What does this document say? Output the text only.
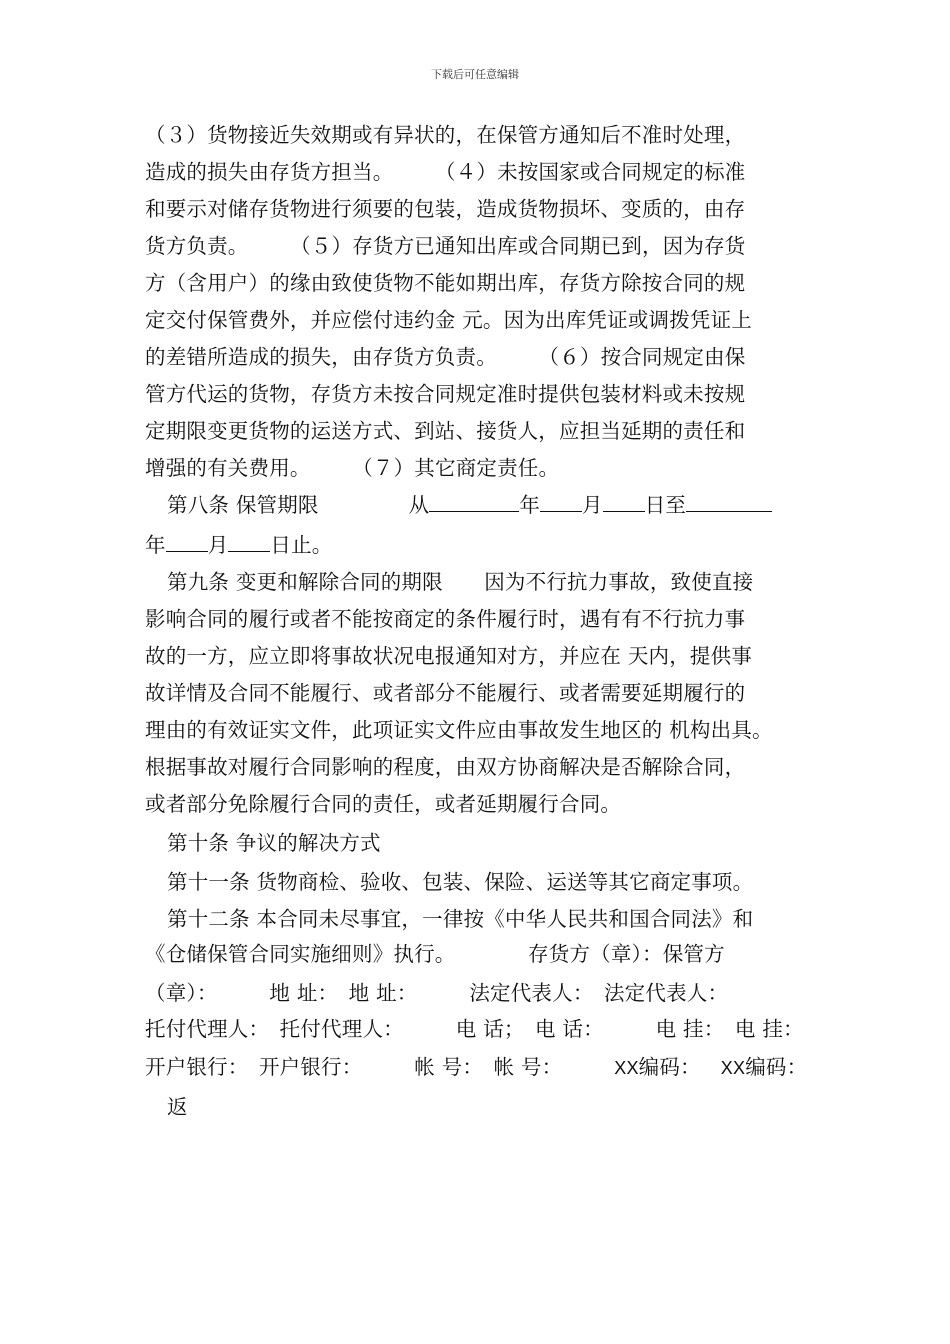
下载后可任意编辑
（３）货物接近失效期或有异状的，在保管方通知后不准时处理，
造成的损失由存货方担当。　　　（４）未按国家或合同规定的标准
和要示对储存货物进行须要的包装，造成货物损坏、变质的，由存
货方负责。　　　（５）存货方已通知出库或合同期已到，因为存货
方（含用户）的缘由致使货物不能如期出库，存货方除按合同的规
定交付保管费外，并应偿付违约金 元。因为出库凭证或调拨凭证上
的差错所造成的损失，由存货方负责。　　　（６）按合同规定由保
管方代运的货物，存货方未按合同规定准时提供包装材料或未按规
定期限变更货物的运送方式、到站、接货人，应担当延期的责任和
增强的有关费用。　　　（７）其它商定责任。
第八条 保管期限	从	年 月 日至
年 月 日止。
第九条 变更和解除合同的期限　　因为不行抗力事故，致使直接
影响合同的履行或者不能按商定的条件履行时，遇有有不行抗力事
故的一方，应立即将事故状况电报通知对方，并应在 天内，提供事
故详情及合同不能履行、或者部分不能履行、或者需要延期履行的
理由的有效证实文件，此项证实文件应由事故发生地区的 机构出具。
根据事故对履行合同影响的程度，由双方协商解决是否解除合同，
或者部分免除履行合同的责任，或者延期履行合同。
第十条 争议的解决方式
第十一条 货物商检、验收、包装、保险、运送等其它商定事项。
第十二条 本合同未尽事宜，一律按《中华人民共和国合同法》和
《仓储保管合同实施细则》执行。　　　　存货方（章）：保管方
（章）：　　　地 址：　地 址：　　　法定代表人：　法定代表人：
托付代理人：　托付代理人：　　　电 话；　电 话：　　　电 挂：　电 挂：
开户银行：　开户银行：　　　帐 号：　帐 号：　　　XX编码： XX编码：
返
